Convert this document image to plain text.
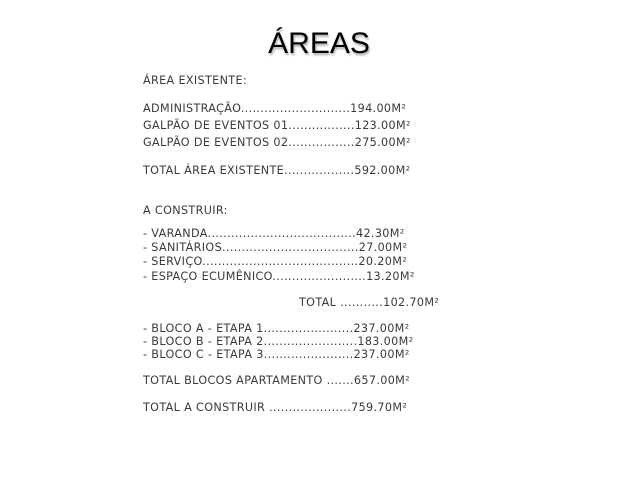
ÁREAS
ÁREA EXISTENTE:
ADMINISTRAÇÃO............................194.00M²
GALPÃO DE EVENTOS 01.................123.00M²
GALPÃO DE EVENTOS 02.................275.00M²
TOTAL ÁREA EXISTENTE..................592.00M²
A CONSTRUIR:
- VARANDA......................................42.30M²
- SANITÁRIOS...................................27.00M²
- SERVIÇO........................................20.20M²
- ESPAÇO ECUMÊNICO........................13.20M²
TOTAL ...........102.70M²
- BLOCO A - ETAPA 1.......................237.00M²
- BLOCO B - ETAPA 2........................183.00M²
- BLOCO C - ETAPA 3.......................237.00M²
TOTAL BLOCOS APARTAMENTO .......657.00M²
TOTAL A CONSTRUIR .....................759.70M²
